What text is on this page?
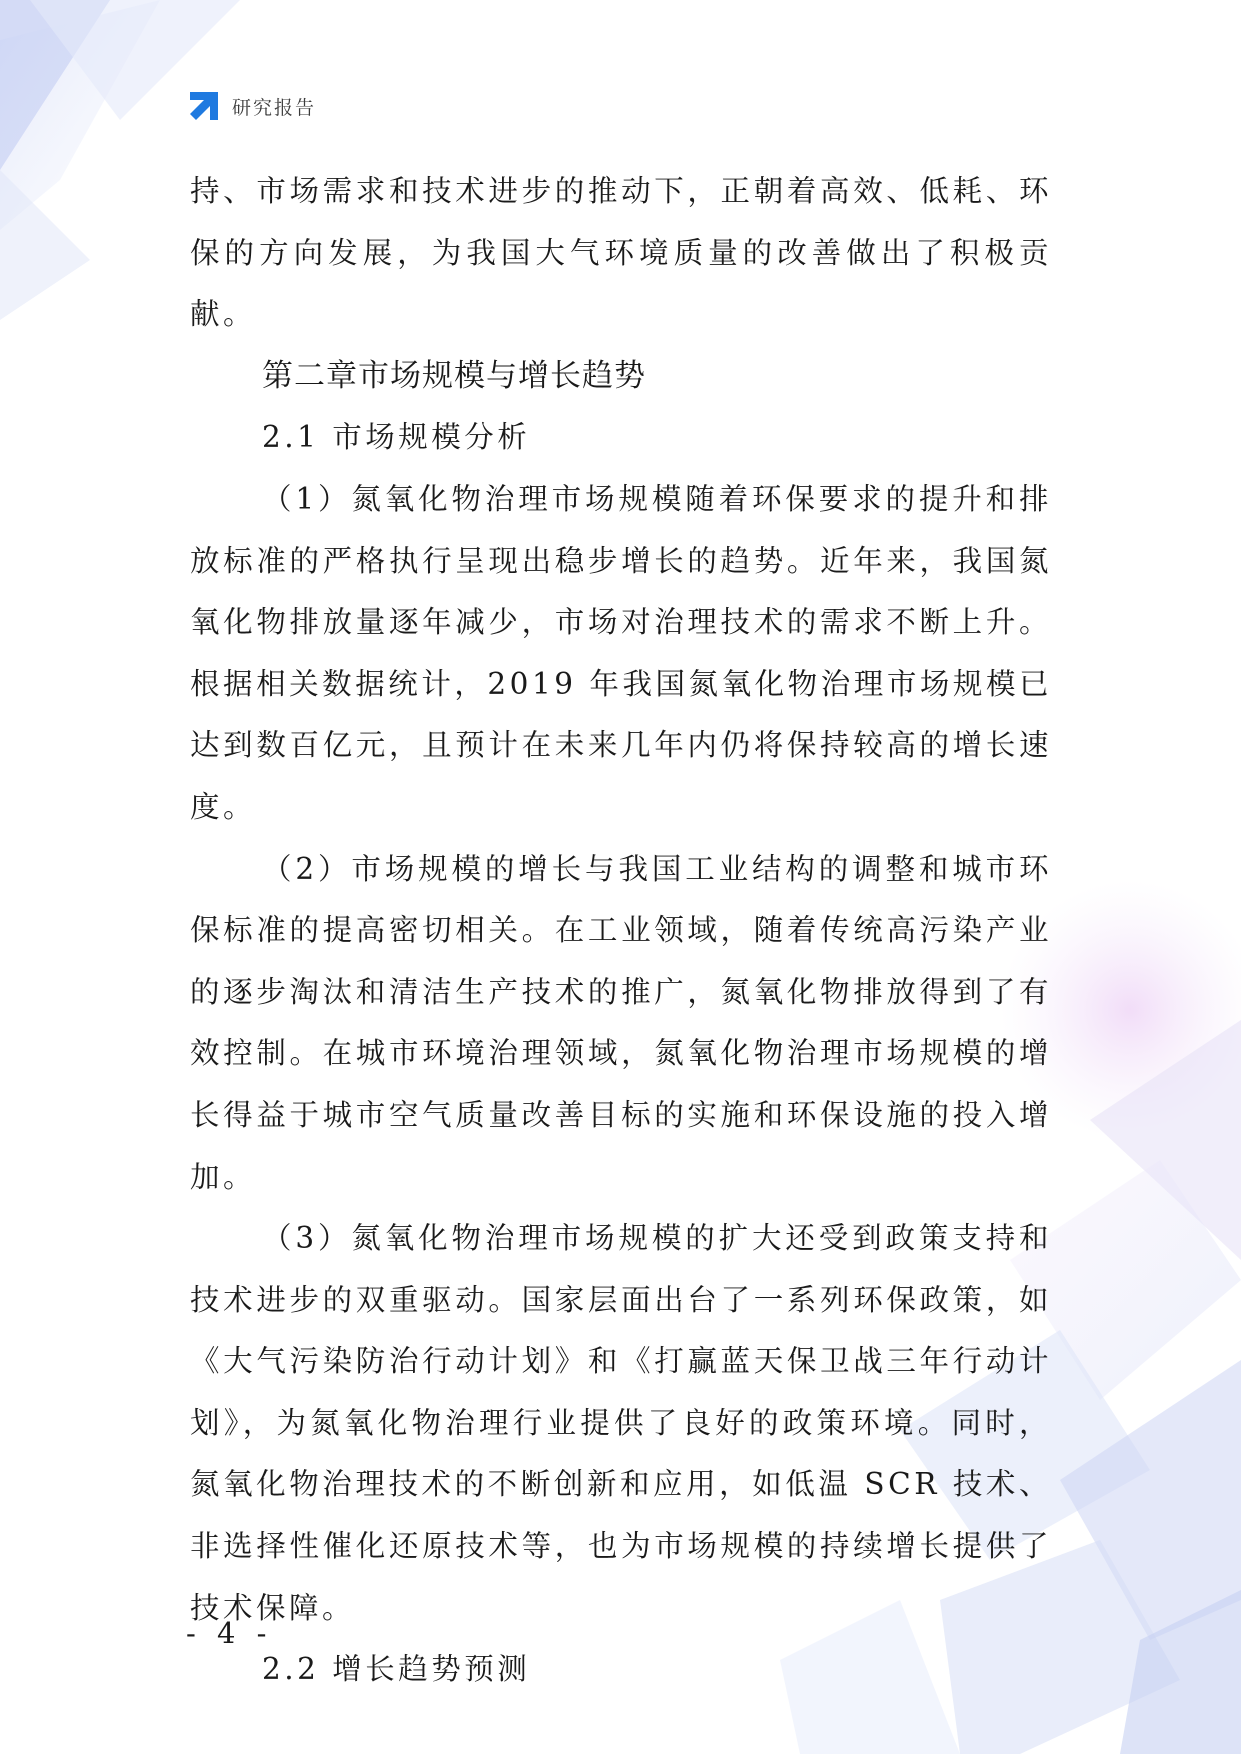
研究报告

持、市场需求和技术进步的推动下，正朝着高效、低耗、环保的方向发展，为我国大气环境质量的改善做出了积极贡献。

第二章市场规模与增长趋势
2.1 市场规模分析

（1）氮氧化物治理市场规模随着环保要求的提升和排放标准的严格执行呈现出稳步增长的趋势。近年来，我国氮氧化物排放量逐年减少，市场对治理技术的需求不断上升。根据相关数据统计，2019 年我国氮氧化物治理市场规模已达到数百亿元，且预计在未来几年内仍将保持较高的增长速度。

（2）市场规模的增长与我国工业结构的调整和城市环保标准的提高密切相关。在工业领域，随着传统高污染产业的逐步淘汰和清洁生产技术的推广，氮氧化物排放得到了有效控制。在城市环境治理领域，氮氧化物治理市场规模的增长得益于城市空气质量改善目标的实施和环保设施的投入增加。

（3）氮氧化物治理市场规模的扩大还受到政策支持和技术进步的双重驱动。国家层面出台了一系列环保政策，如《大气污染防治行动计划》和《打赢蓝天保卫战三年行动计划》，为氮氧化物治理行业提供了良好的政策环境。同时，氮氧化物治理技术的不断创新和应用，如低温 SCR 技术、非选择性催化还原技术等，也为市场规模的持续增长提供了技术保障。

2.2 增长趋势预测
- 4 -
